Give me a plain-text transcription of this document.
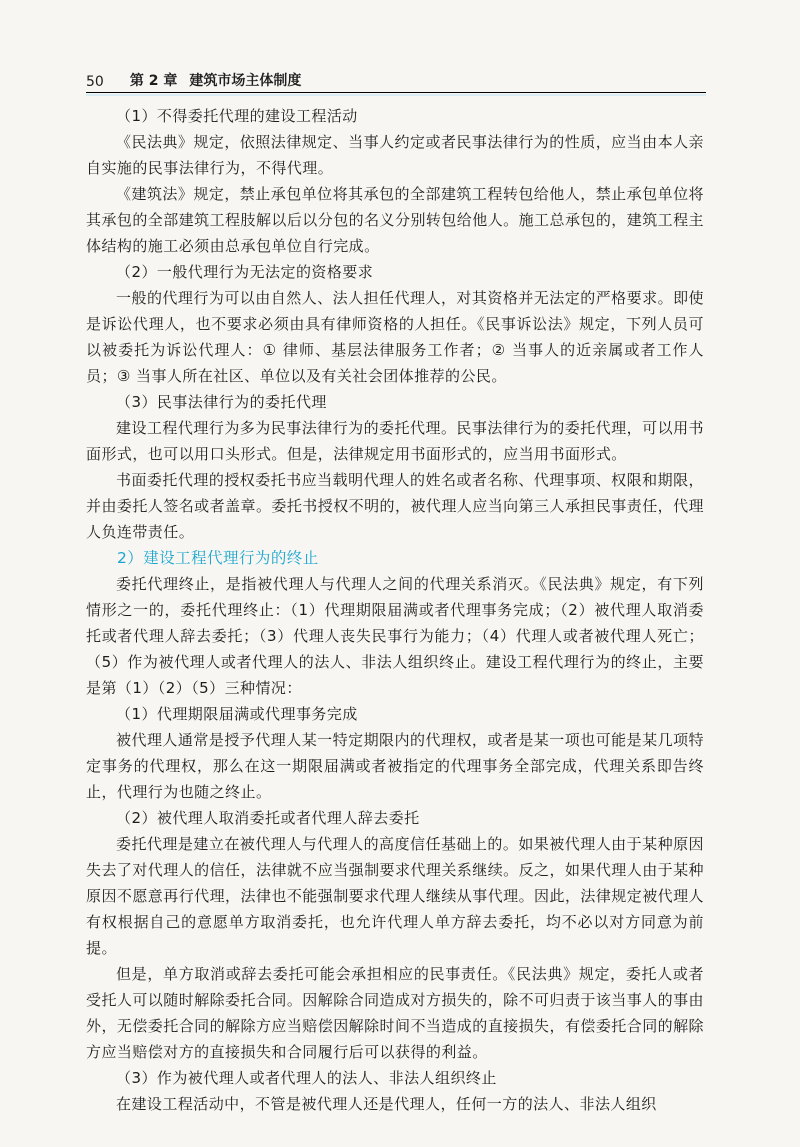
50 第 2 章 建筑市场主体制度

（1）不得委托代理的建设工程活动

《民法典》规定，依照法律规定、当事人约定或者民事法律行为的性质，应当由本人亲自实施的民事法律行为，不得代理。

《建筑法》规定，禁止承包单位将其承包的全部建筑工程转包给他人，禁止承包单位将其承包的全部建筑工程肢解以后以分包的名义分别转包给他人。施工总承包的，建筑工程主体结构的施工必须由总承包单位自行完成。

（2）一般代理行为无法定的资格要求

一般的代理行为可以由自然人、法人担任代理人，对其资格并无法定的严格要求。即使是诉讼代理人，也不要求必须由具有律师资格的人担任。《民事诉讼法》规定，下列人员可以被委托为诉讼代理人：① 律师、基层法律服务工作者；② 当事人的近亲属或者工作人员；③ 当事人所在社区、单位以及有关社会团体推荐的公民。

（3）民事法律行为的委托代理

建设工程代理行为多为民事法律行为的委托代理。民事法律行为的委托代理，可以用书面形式，也可以用口头形式。但是，法律规定用书面形式的，应当用书面形式。

书面委托代理的授权委托书应当载明代理人的姓名或者名称、代理事项、权限和期限，并由委托人签名或者盖章。委托书授权不明的，被代理人应当向第三人承担民事责任，代理人负连带责任。

2）建设工程代理行为的终止

委托代理终止，是指被代理人与代理人之间的代理关系消灭。《民法典》规定，有下列情形之一的，委托代理终止：（1）代理期限届满或者代理事务完成；（2）被代理人取消委托或者代理人辞去委托；（3）代理人丧失民事行为能力；（4）代理人或者被代理人死亡；（5）作为被代理人或者代理人的法人、非法人组织终止。建设工程代理行为的终止，主要是第（1）（2）（5）三种情况：

（1）代理期限届满或代理事务完成

被代理人通常是授予代理人某一特定期限内的代理权，或者是某一项也可能是某几项特定事务的代理权，那么在这一期限届满或者被指定的代理事务全部完成，代理关系即告终止，代理行为也随之终止。

（2）被代理人取消委托或者代理人辞去委托

委托代理是建立在被代理人与代理人的高度信任基础上的。如果被代理人由于某种原因失去了对代理人的信任，法律就不应当强制要求代理关系继续。反之，如果代理人由于某种原因不愿意再行代理，法律也不能强制要求代理人继续从事代理。因此，法律规定被代理人有权根据自己的意愿单方取消委托，也允许代理人单方辞去委托，均不必以对方同意为前提。

但是，单方取消或辞去委托可能会承担相应的民事责任。《民法典》规定，委托人或者受托人可以随时解除委托合同。因解除合同造成对方损失的，除不可归责于该当事人的事由外，无偿委托合同的解除方应当赔偿因解除时间不当造成的直接损失，有偿委托合同的解除方应当赔偿对方的直接损失和合同履行后可以获得的利益。

（3）作为被代理人或者代理人的法人、非法人组织终止

在建设工程活动中，不管是被代理人还是代理人，任何一方的法人、非法人组织
